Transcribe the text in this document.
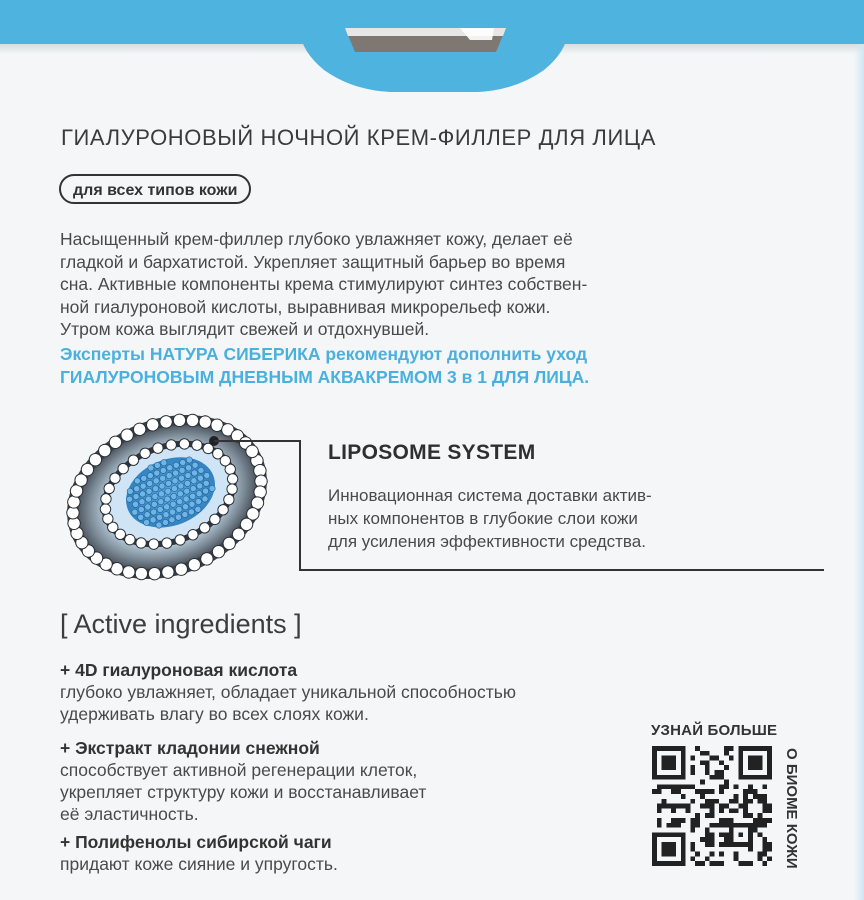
ГИАЛУРОНОВЫЙ НОЧНОЙ КРЕМ-ФИЛЛЕР ДЛЯ ЛИЦА
для всех типов кожи

Насыщенный крем-филлер глубоко увлажняет кожу, делает её
гладкой и бархатистой. Укрепляет защитный барьер во время
сна. Активные компоненты крема стимулируют синтез собствен-
ной гиалуроновой кислоты, выравнивая микрорельеф кожи.
Утром кожа выглядит свежей и отдохнувшей.

Эксперты НАТУРА СИБЕРИКА рекомендуют дополнить уход
ГИАЛУРОНОВЫМ ДНЕВНЫМ АКВАКРЕМОМ 3 в 1 ДЛЯ ЛИЦА.

LIPOSOME SYSTEM

Инновационная система доставки актив-
ных компонентов в глубокие слои кожи
для усиления эффективности средства.

[ Active ingredients ]
+ 4D гиалуроновая кислота
глубоко увлажняет, обладает уникальной способностью
удерживать влагу во всех слоях кожи.
+ Экстракт кладонии снежной
способствует активной регенерации клеток,
укрепляет структуру кожи и восстанавливает
её эластичность.
+ Полифенолы сибирской чаги
придают коже сияние и упругость.

УЗНАЙ БОЛЬШЕ

О БИОМЕ КОЖИ
